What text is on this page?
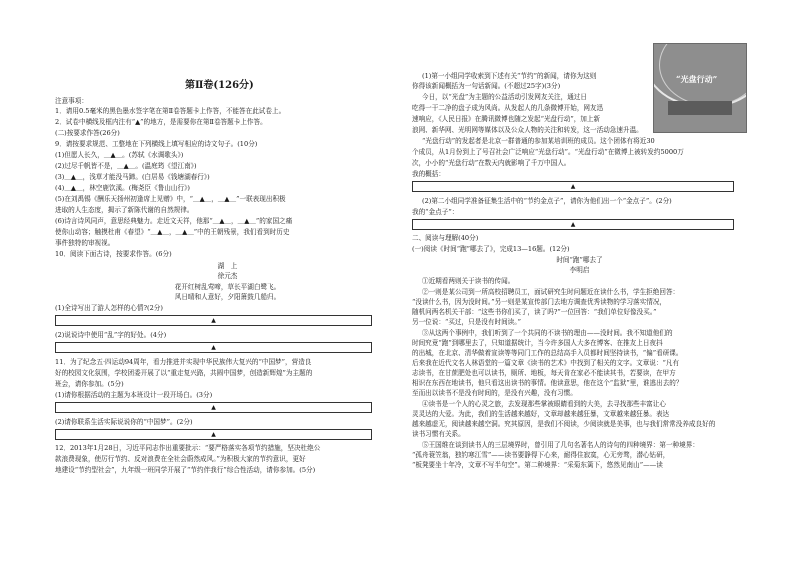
第Ⅱ卷(126分)
注意事项：
1．请用0.5毫米的黑色墨水签字笔在第Ⅱ卷答题卡上作答，不能答在此试卷上。
2．试卷中横线及框内注有“▲”的地方，是需要你在第Ⅱ卷答题卡上作答。
(二)按要求作答(26分)
9．请按要求规范、工整地在下列横线上填写相应的诗文句子。(10分)
(1)但愿人长久，＿▲＿。(苏轼《水调歌头》)
(2)过尽千帆皆不是，＿▲＿。(温庭筠《望江南》)
(3)＿▲＿，浅草才能没马蹄。(白居易《钱塘湖春行》)
(4)＿▲＿，林空鹿饮溪。(梅尧臣《鲁山山行》)
(5)在刘禹锡《酬乐天扬州初逢席上见赠》中，“＿▲＿，＿▲＿”一联表现出积极
进取的人生态度，揭示了新陈代谢的自然规律。
(6)诗言诗风同声，意思经典魅力。走近文天祥，他那“＿▲＿，＿▲＿”的家国之痛
使你山动容；触摸杜甫《春望》“＿▲＿，＿▲＿”中的王朝残景，我们看到时历史
事件独特的审视视。
10．阅读下面古诗，按要求作答。(6分)
湖　上
徐元杰
花开红树乱莺啼，草长平湖白鹭飞。
风日晴和人意好，夕阳箫鼓几船归。
(1)全诗写出了游人怎样的心情?(2分)
▲
(2)说说诗中使用“乱”字的好处。(4分)
▲
11．为了纪念五·四运动94周年，看力推进并实现中华民族伟大复兴的“中国梦”，营造良
好的校园文化氛围，学校团委开展了以“重走复兴路，共圆中国梦，创造新辉煌”为主题的
班会，请你参加。(5分)
(1)请你根据活动的主题为本班设计一段开场白。(3分)
▲
(2)请你联系生活实际说说你的“中国梦”。(2分)
▲
12．2013年1月28日，习近平同志作出重要批示：“要严格落实各项节约措施，坚决杜绝公
款浪费现象，使厉行节约、反对浪费在全社会蔚然成风。”为积极大家的节约意识，更好
地建设“节约型社会”，九年级一班同学开展了“节约伴我行”综合性活动，请你参加。(5分)
“光盘行动”
(1)第一小组同学收索到下述有关“节约”的新闻，请你为这则
你得该新闻概括为一句话新闻。(不超过25字)(3分)
今日，以“光盘”为主题的公益活动引发网友关注，通过日
吃得一干二净的盘子成为风尚。从发起人的几条微博开始，网友迅
速响应，《人民日报》在腾讯微博也随之发起“光盘行动”，加上新
浪网、新华网、光明网等媒体以及公众人物的关注和转发，这一活动急速升温。
“光盘行动”的发起者是北京一群普通的参加某培训班的成员。这个团体有将近30
个成员，从1月份到上了号召社会广泛响应“光盘行动”。“光盘行动”在微博上被转发约5000万
次，小小的“光盘行动”在数天内就影响了千万中国人。
我的概括：
▲
(2)第二小组同学准备征集生活中的“节约金点子”，请你为他们出一个“金点子”。(2分)
我的“金点子”：
▲
二、阅读与理解(40分)
(一)阅读《时间“跑”哪去了》，完成13—16题。(12分)
时间“跑”哪去了
李明启
①近期看两则关于读书的传闻。
②一则是某公司到一所高校招聘员工，面试研究生时问题近在读什么书，学生拒绝回答：
“没读什么书，因为没时间。”另一则是某宣传部门去地方调查优秀读物的学习落实情况，
随机问两名机关干部：“这些书你们买了，读了吗?”一位回答：“我们单位好像没买。”
另一位说：“买过，只是没有时间读。”
③从这两个事例中，我们听到了一个共同的不读书的理由——没时间。我不知道他们的
时间究竟“跑”到哪里去了，只知道据统计，当今许多国人大多在博客、在推友上日夜抖
的出城，在北京、清华做着宣读等等同门工作的总结高手入员都时间坚持读书，“偏”看研课。
后来我在近代文名人林语堂的一篇文章《读书的艺术》中找到了相关的文字。文章说：“凡有
志读书，在甘蔗肥处也可以读书，厕所、地板，每天肯在家必不能读其书，若要读，在甲方
相识在东西在地读书，他只看这出读书的事情。他读意思，他在这个“监狱”里，谁逃出去的？
至而出以读书不是没有时间的，是没有兴趣，没有习惯。
④读书是一个人的心灵之旅，去发现那些掌被眼睛看到的大美，去寻找那些丰富让心
灵灵达的大爱。为此，我们的生活越来越好，文章却越来越狂暴，文章越来越狂暴。表达
越来越虚无，阅读越来越空洞。究其原因，是我们不阅读，少阅读就是美事，也与我们常常没养成良好的
读书习惯有关系。
⑤王国维在谈到读书人的三层境界时，曾引用了几句名著名人的诗句的四种境界：第一种境界：
“孤舟蓑笠翁，独钓寒江雪”——读书要静得下心来，耐得住寂寞，心无旁骛，潜心钻研，
“板凳要坐十年冷，文章不写半句空”。第二种境界：“采菊东篱下，悠然见南山”——读
